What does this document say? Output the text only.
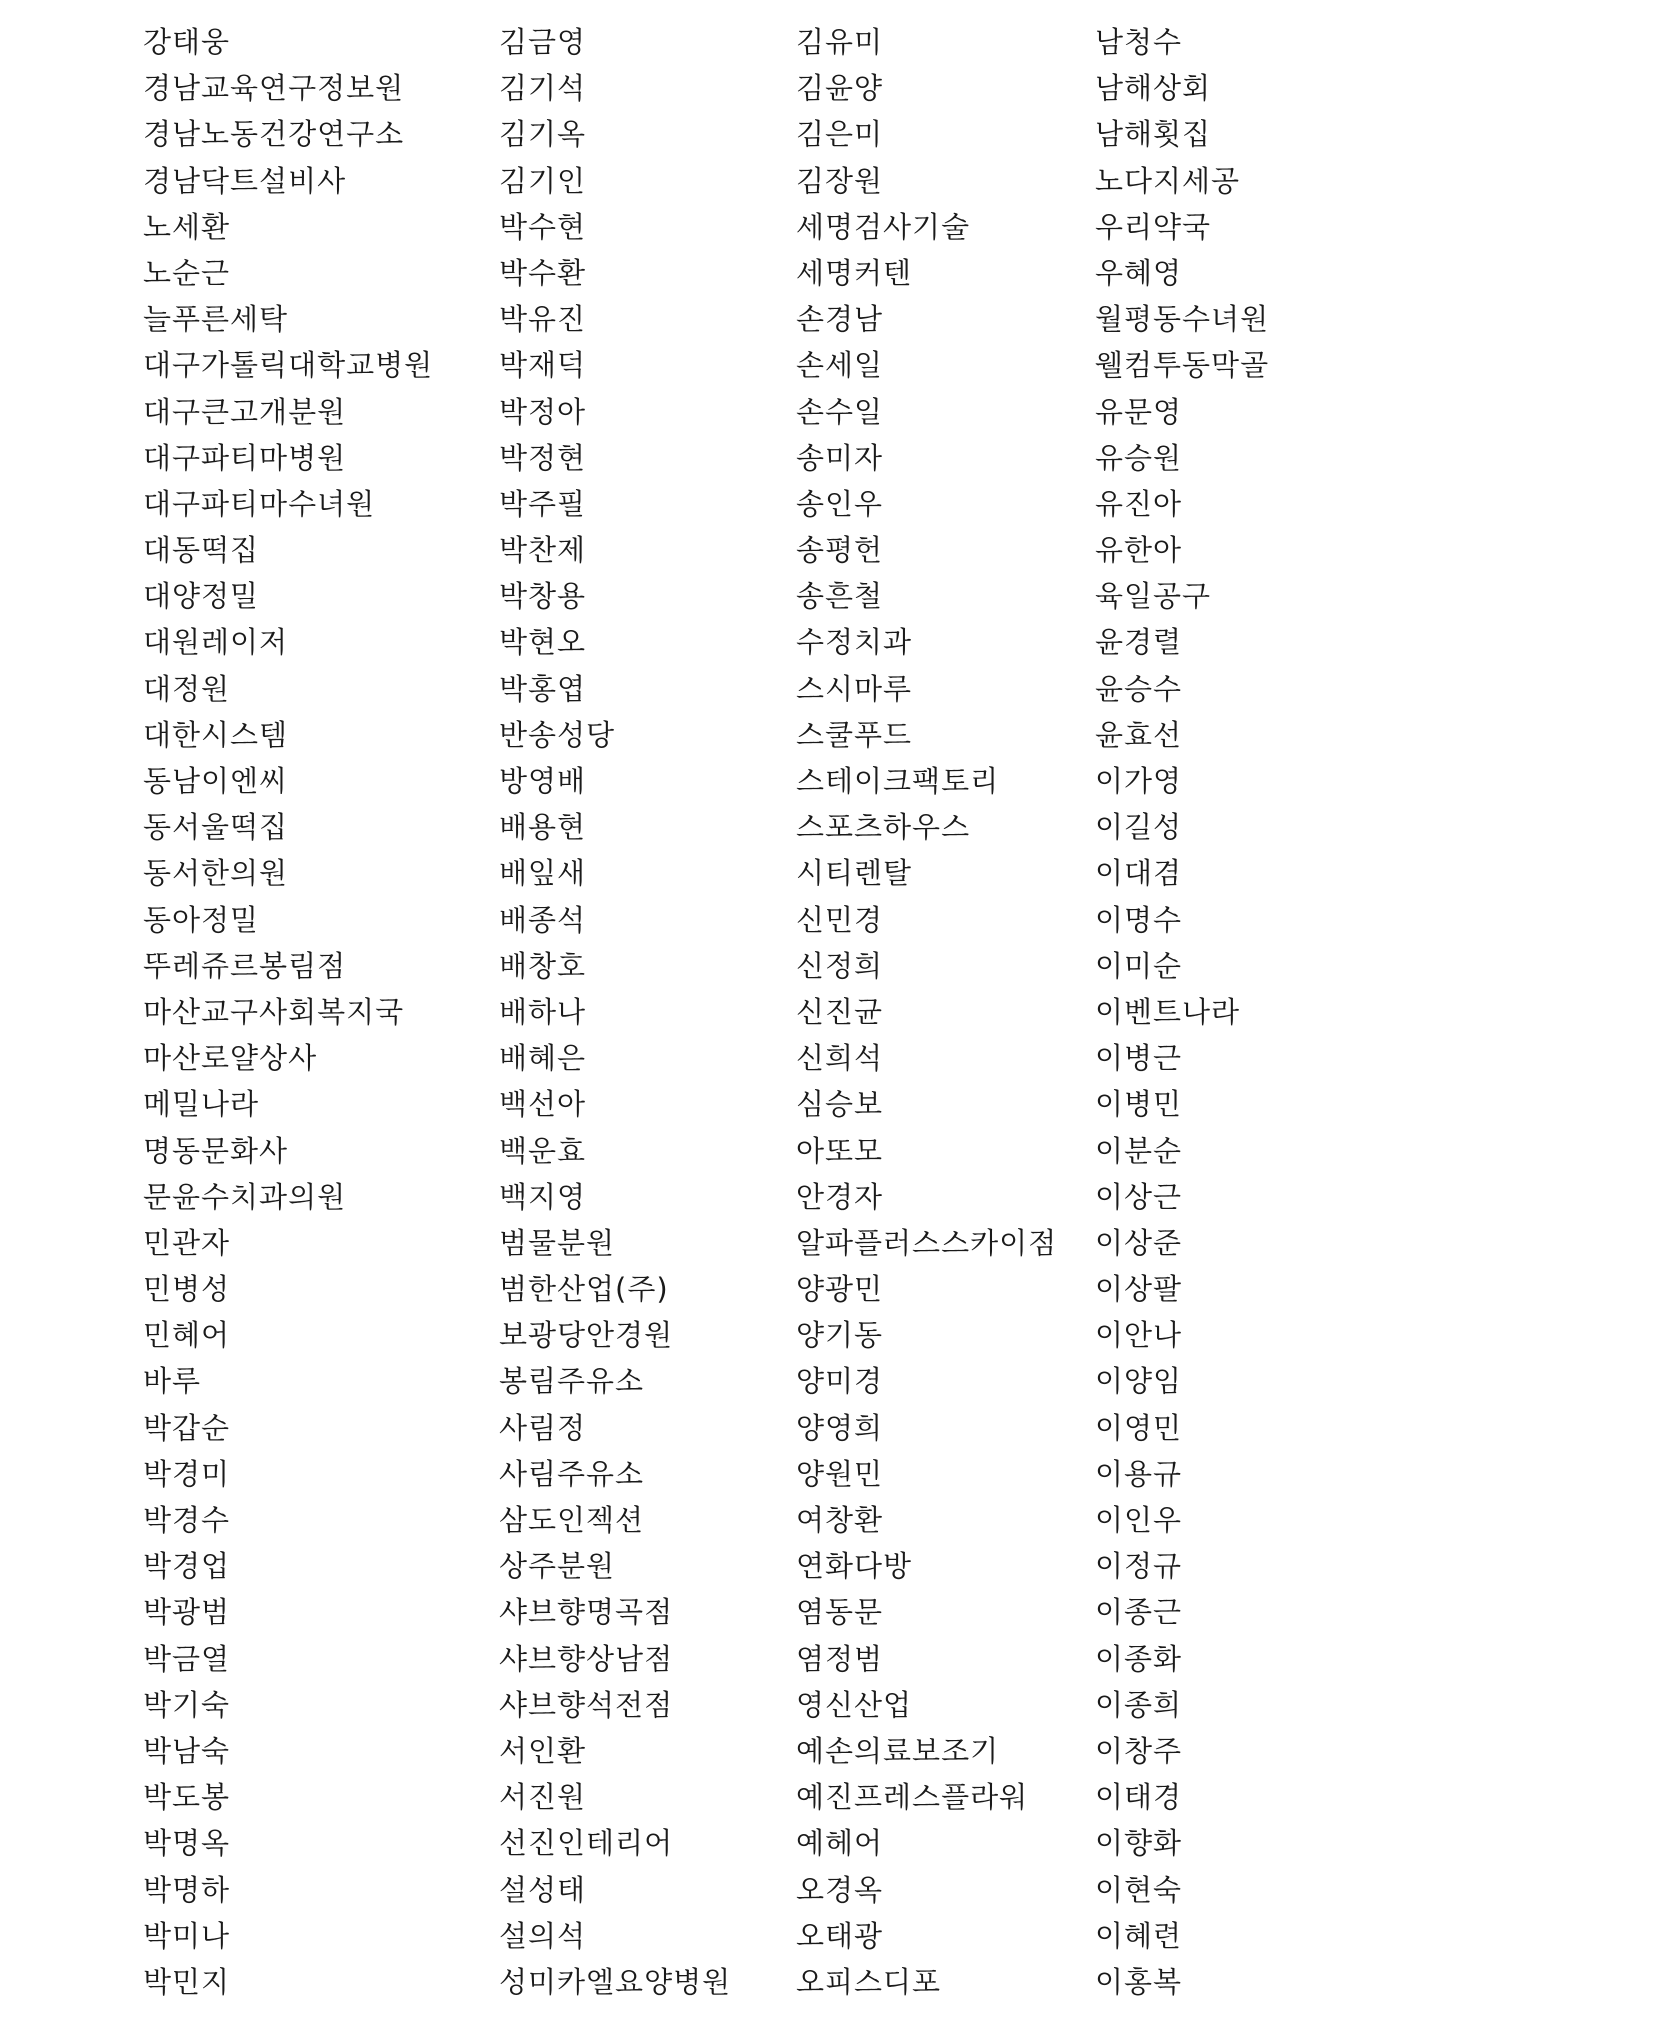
강태웅
경남교육연구정보원
경남노동건강연구소
경남닥트설비사
노세환
노순근
늘푸른세탁
대구가톨릭대학교병원
대구큰고개분원
대구파티마병원
대구파티마수녀원
대동떡집
대양정밀
대원레이저
대정원
대한시스템
동남이엔씨
동서울떡집
동서한의원
동아정밀
뚜레쥬르봉림점
마산교구사회복지국
마산로얄상사
메밀나라
명동문화사
문윤수치과의원
민관자
민병성
민혜어
바루
박갑순
박경미
박경수
박경업
박광범
박금열
박기숙
박남숙
박도봉
박명옥
박명하
박미나
박민지
김금영
김기석
김기옥
김기인
박수현
박수환
박유진
박재덕
박정아
박정현
박주필
박찬제
박창용
박현오
박홍엽
반송성당
방영배
배용현
배잎새
배종석
배창호
배하나
배혜은
백선아
백운효
백지영
범물분원
범한산업(주)
보광당안경원
봉림주유소
사림정
사림주유소
삼도인젝션
상주분원
샤브향명곡점
샤브향상남점
샤브향석전점
서인환
서진원
선진인테리어
설성태
설의석
성미카엘요양병원
김유미
김윤양
김은미
김장원
세명검사기술
세명커텐
손경남
손세일
손수일
송미자
송인우
송평헌
송흔철
수정치과
스시마루
스쿨푸드
스테이크팩토리
스포츠하우스
시티렌탈
신민경
신정희
신진균
신희석
심승보
아또모
안경자
알파플러스스카이점
양광민
양기동
양미경
양영희
양원민
여창환
연화다방
염동문
염정범
영신산업
예손의료보조기
예진프레스플라워
예헤어
오경옥
오태광
오피스디포
남청수
남해상회
남해횟집
노다지세공
우리약국
우혜영
월평동수녀원
웰컴투동막골
유문영
유승원
유진아
유한아
육일공구
윤경렬
윤승수
윤효선
이가영
이길성
이대겸
이명수
이미순
이벤트나라
이병근
이병민
이분순
이상근
이상준
이상팔
이안나
이양임
이영민
이용규
이인우
이정규
이종근
이종화
이종희
이창주
이태경
이향화
이현숙
이혜련
이홍복
